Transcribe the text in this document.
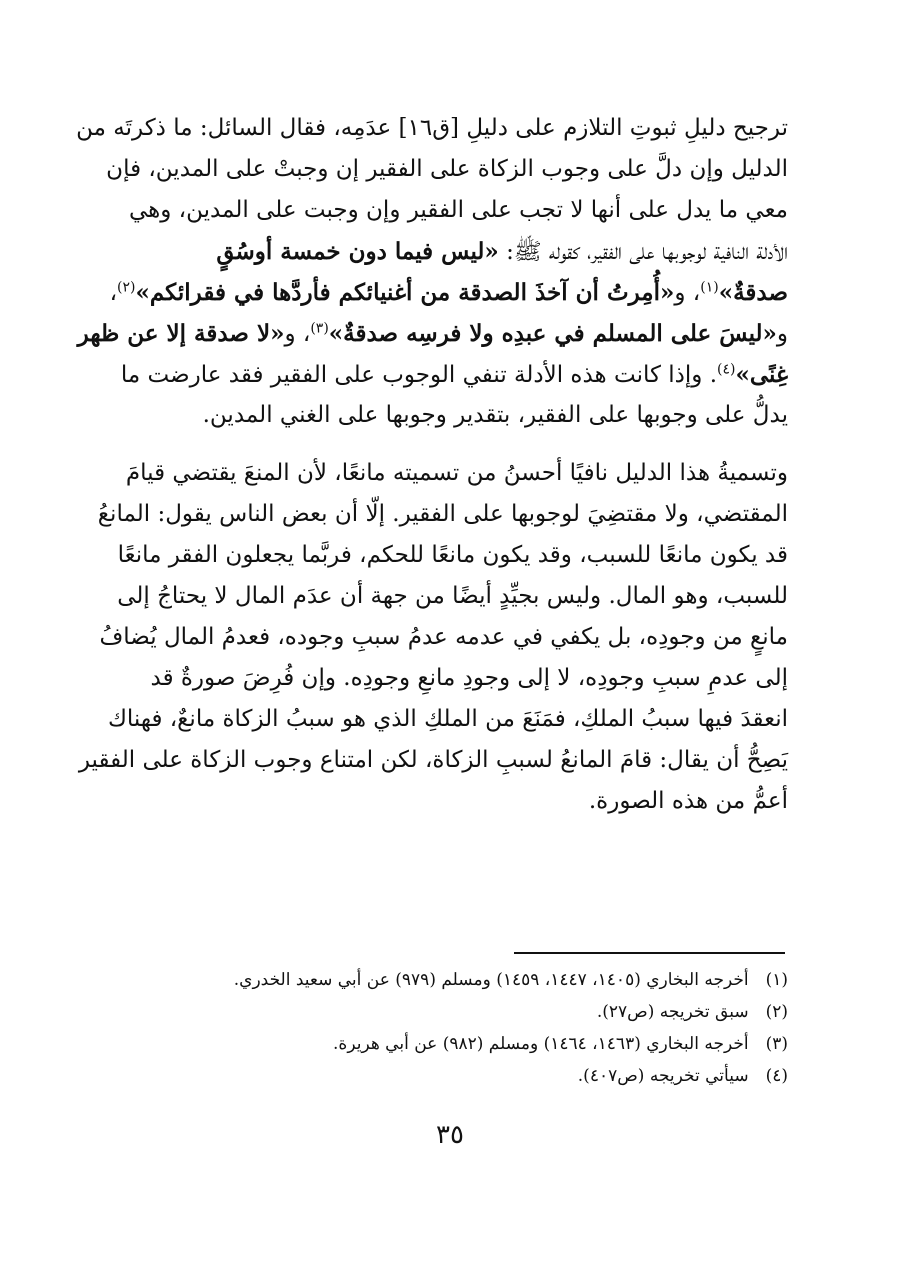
ترجيح دليلِ ثبوتِ التلازم على دليلِ [ق١٦] عدَمِه، فقال السائل: ما ذكرتَه من
الدليل وإن دلَّ على وجوب الزكاة على الفقير إن وجبتْ على المدين، فإن
معي ما يدل على أنها لا تجب على الفقير وإن وجبت على المدين، وهي
الأدلة النافية لوجوبها على الفقير، كقوله ﷺ: «ليس فيما دون خمسة أوسُقٍ
صدقةٌ»$^{(١)}$، و«أُمِرتُ أن آخذَ الصدقة من أغنيائكم فأردَّها في فقرائكم»$^{(٢)}$،
و«ليسَ على المسلم في عبدِه ولا فرسِه صدقةٌ»$^{(٣)}$، و«لا صدقة إلا عن ظهر
غِنًى»$^{(٤)}$. وإذا كانت هذه الأدلة تنفي الوجوب على الفقير فقد عارضت ما
يدلُّ على وجوبها على الفقير، بتقدير وجوبها على الغني المدين.
وتسميةُ هذا الدليل نافيًا أحسنُ من تسميته مانعًا، لأن المنعَ يقتضي قيامَ
المقتضي، ولا مقتضِيَ لوجوبها على الفقير. إلّا أن بعض الناس يقول: المانعُ
قد يكون مانعًا للسبب، وقد يكون مانعًا للحكم، فربَّما يجعلون الفقر مانعًا
للسبب، وهو المال. وليس بجيِّدٍ أيضًا من جهة أن عدَم المال لا يحتاجُ إلى
مانعٍ من وجودِه، بل يكفي في عدمه عدمُ سببِ وجوده، فعدمُ المال يُضافُ
إلى عدمِ سببِ وجودِه، لا إلى وجودِ مانعِ وجودِه. وإن فُرِضَ صورةٌ قد
انعقدَ فيها سببُ الملكِ، فمَنَعَ من الملكِ الذي هو سببُ الزكاة مانعٌ، فهناك
يَصِحُّ أن يقال: قامَ المانعُ لسببِ الزكاة، لكن امتناع وجوب الزكاة على الفقير
أعمُّ من هذه الصورة.
(١) أخرجه البخاري (١٤٠٥، ١٤٤٧، ١٤٥٩) ومسلم (٩٧٩) عن أبي سعيد الخدري.
(٢) سبق تخريجه (ص٢٧).
(٣) أخرجه البخاري (١٤٦٣، ١٤٦٤) ومسلم (٩٨٢) عن أبي هريرة.
(٤) سيأتي تخريجه (ص٤٠٧).
٣٥
